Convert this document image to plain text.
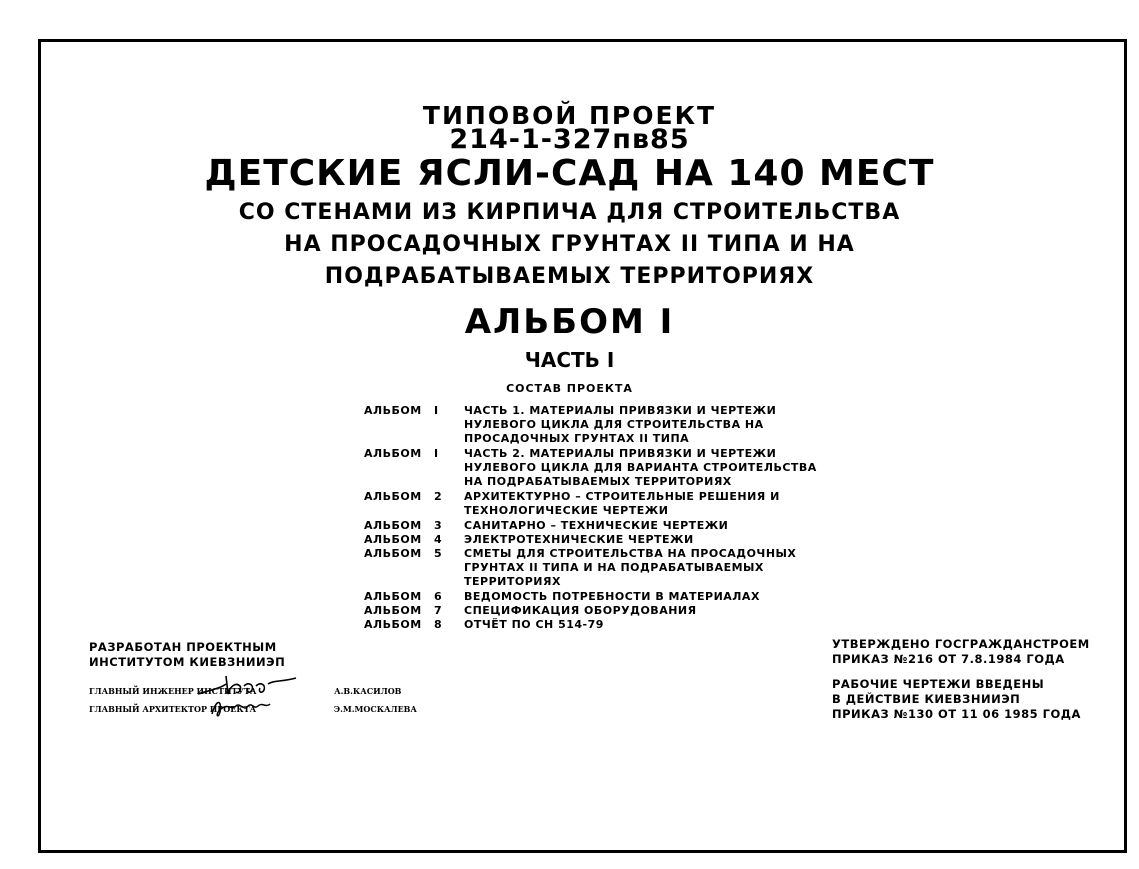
ТИПОВОЙ ПРОЕКТ
214-1-327пв85
ДЕТСКИЕ ЯСЛИ-САД НА 140 МЕСТ
СО СТЕНАМИ ИЗ КИРПИЧА ДЛЯ СТРОИТЕЛЬСТВА
НА ПРОСАДОЧНЫХ ГРУНТАХ II ТИПА И НА
ПОДРАБАТЫВАЕМЫХ ТЕРРИТОРИЯХ
АЛЬБОМ I
ЧАСТЬ I
СОСТАВ ПРОЕКТА
АЛЬБОМ	I	ЧАСТЬ 1. МАТЕРИАЛЫ ПРИВЯЗКИ И ЧЕРТЕЖИ НУЛЕВОГО ЦИКЛА ДЛЯ СТРОИТЕЛЬСТВА НА ПРОСАДОЧНЫХ ГРУНТАХ II ТИПА
АЛЬБОМ	I	ЧАСТЬ 2. МАТЕРИАЛЫ ПРИВЯЗКИ И ЧЕРТЕЖИ НУЛЕВОГО ЦИКЛА ДЛЯ ВАРИАНТА СТРОИТЕЛЬСТВА НА ПОДРАБАТЫВАЕМЫХ ТЕРРИТОРИЯХ
АЛЬБОМ	2	АРХИТЕКТУРНО – СТРОИТЕЛЬНЫЕ РЕШЕНИЯ И ТЕХНОЛОГИЧЕСКИЕ ЧЕРТЕЖИ
АЛЬБОМ	3	САНИТАРНО – ТЕХНИЧЕСКИЕ ЧЕРТЕЖИ
АЛЬБОМ	4	ЭЛЕКТРОТЕХНИЧЕСКИЕ ЧЕРТЕЖИ
АЛЬБОМ	5	СМЕТЫ ДЛЯ СТРОИТЕЛЬСТВА НА ПРОСАДОЧНЫХ ГРУНТАХ II ТИПА И НА ПОДРАБАТЫВАЕМЫХ ТЕРРИТОРИЯХ
АЛЬБОМ	6	ВЕДОМОСТЬ ПОТРЕБНОСТИ В МАТЕРИАЛАХ
АЛЬБОМ	7	СПЕЦИФИКАЦИЯ ОБОРУДОВАНИЯ
АЛЬБОМ	8	ОТЧЁТ ПО СН 514-79
РАЗРАБОТАН ПРОЕКТНЫМ
ИНСТИТУТОМ КИЕВЗНИИЭП
ГЛАВНЫЙ ИНЖЕНЕР ИНСТИТУТА	А.В.КАСИЛОВ
ГЛАВНЫЙ АРХИТЕКТОР ПРОЕКТА	Э.М.МОСКАЛЕВА
УТВЕРЖДЕНО ГОСГРАЖДАНСТРОЕМ
ПРИКАЗ №216 ОТ 7.8.1984 ГОДА
РАБОЧИЕ ЧЕРТЕЖИ ВВЕДЕНЫ
В ДЕЙСТВИЕ КИЕВЗНИИЭП
ПРИКАЗ №130 ОТ 11 06 1985 ГОДА
